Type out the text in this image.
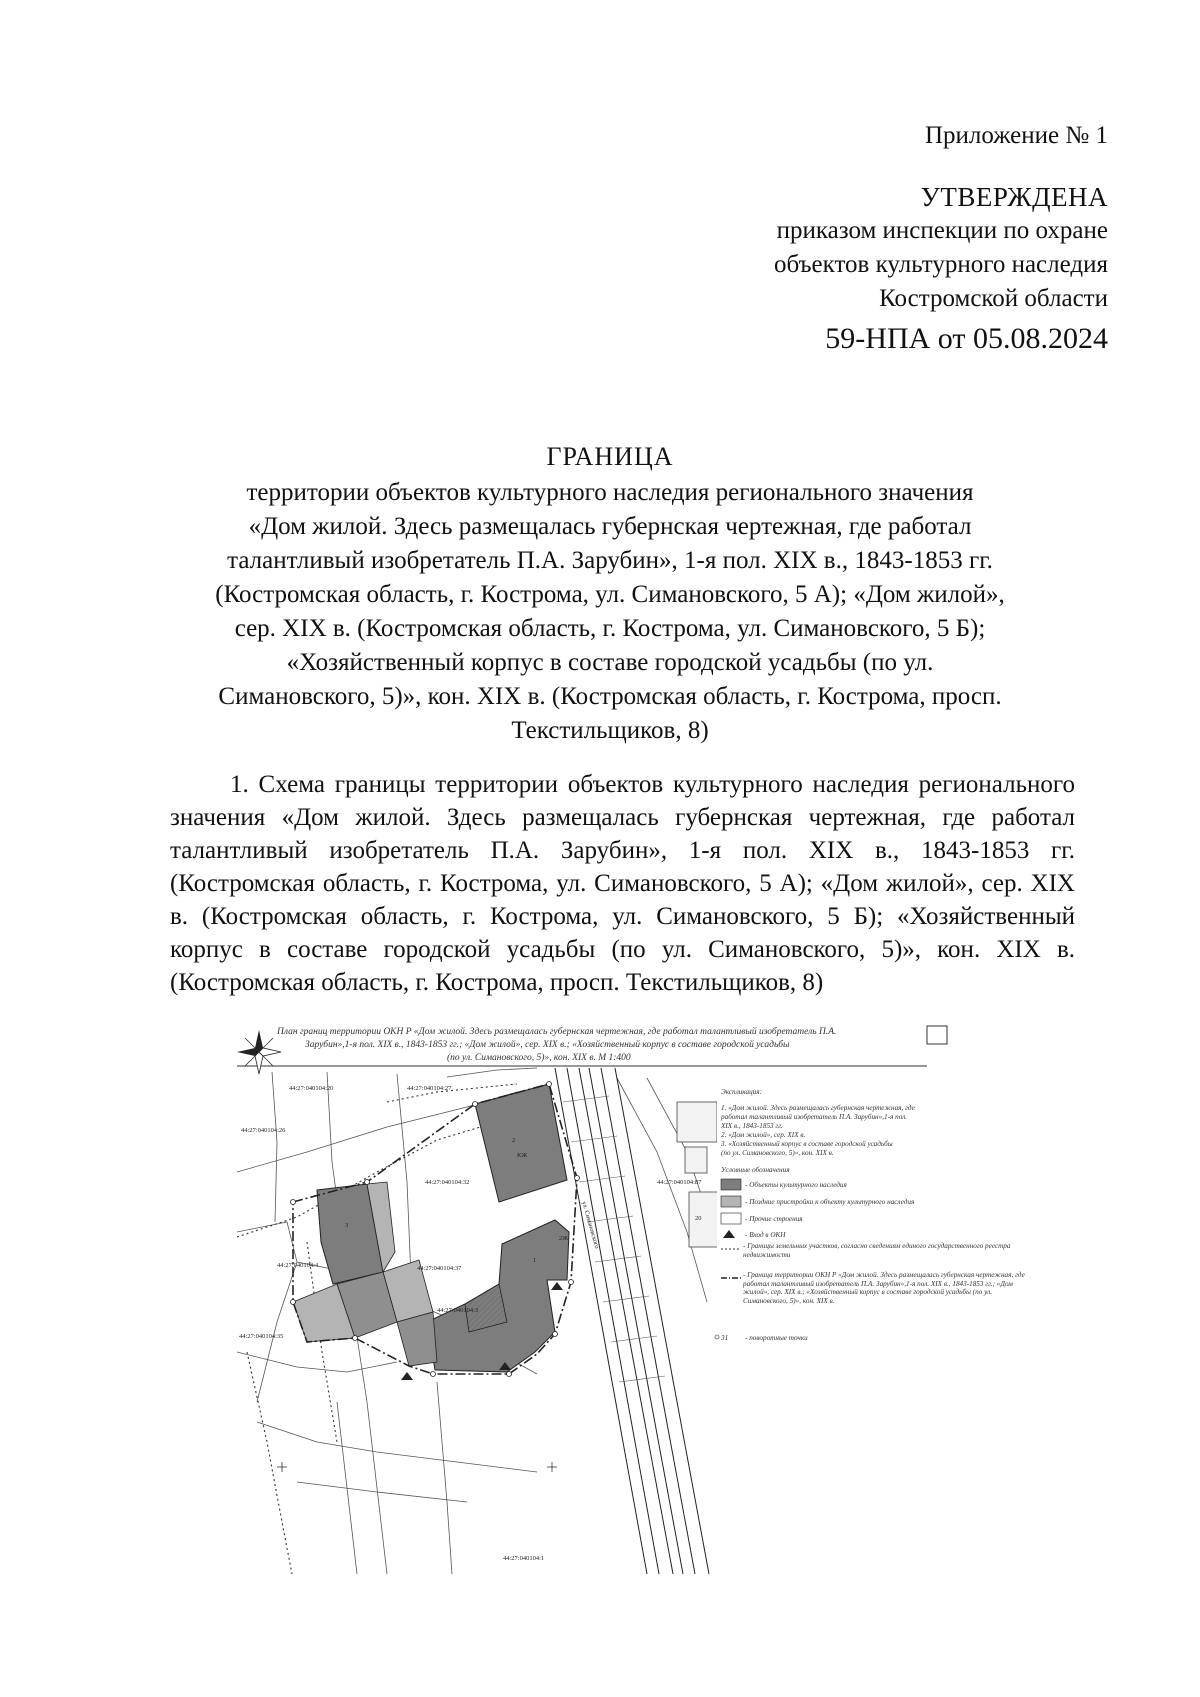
Приложение № 1
УТВЕРЖДЕНА
приказом инспекции по охране
объектов культурного наследия
Костромской области
59-НПА от 05.08.2024
ГРАНИЦА
территории объектов культурного наследия регионального значения
«Дом жилой. Здесь размещалась губернская чертежная, где работал
талантливый изобретатель П.А. Зарубин», 1-я пол. XIX в., 1843-1853 гг.
(Костромская область, г. Кострома, ул. Симановского, 5 А); «Дом жилой»,
сер. XIX в. (Костромская область, г. Кострома, ул. Симановского, 5 Б);
«Хозяйственный корпус в составе городской усадьбы (по ул.
Симановского, 5)», кон. XIX в. (Костромская область, г. Кострома, просп.
Текстильщиков, 8)
1. Схема границы территории объектов культурного наследия регионального значения «Дом жилой. Здесь размещалась губернская чертежная, где работал талантливый изобретатель П.А. Зарубин», 1-я пол. XIX в., 1843-1853 гг. (Костромская область, г. Кострома, ул. Симановского, 5 А); «Дом жилой», сер. XIX в. (Костромская область, г. Кострома, ул. Симановского, 5 Б); «Хозяйственный корпус в составе городской усадьбы (по ул. Симановского, 5)», кон. XIX в. (Костромская область, г. Кострома, просп. Текстильщиков, 8)
План границ территории ОКН Р «Дом жилой. Здесь размещалась губернская чертежная, где работал талантливый изобретатель П.А.
Зарубин»,1-я пол. XIX в., 1843-1853 гг.; «Дом жилой», сер. XIX в.; «Хозяйственный корпус в составе городской усадьбы
(по ул. Симановского, 5)», кон. XIX в. М 1:400
20
2
КЖ
3
1
2Ж
44:27:040104:20	44:27:040104:27
44:27:040104:26
44:27:040104:32
44:27:040104:4	44:27:040104:37
44:27:040104:35
44:27:040104:3
44:27:040104:1
44:27:040104:87
ул. Симановского
Экспликация:
1. «Дом жилой. Здесь размещалась губернская чертежная, где
работал талантливый изобретатель П.А. Зарубин»,1-я пол.
XIX в., 1843-1853 гг.
2. «Дом жилой», сер. XIX в.
3. «Хозяйственный корпус в составе городской усадьбы
(по ул. Симановского, 5)», кон. XIX в.
Условные обозначения
- Объекты культурного наследия
- Поздние пристройки к объекту культурного наследия
- Прочие строения
- Вход в ОКН
- Границы земельных участков, согласно сведениям единого государственного реестра недвижимости
- Граница территории ОКН Р «Дом жилой. Здесь размещалась губернская чертежная, где работал талантливый изобретатель П.А. Зарубин»,1-я пол. XIX в., 1843-1853 гг.; «Дом жилой», сер. XIX в.; «Хозяйственный корпус в составе городской усадьбы (по ул. Симановского, 5)», кон. XIX в.
31 - поворотные точки
